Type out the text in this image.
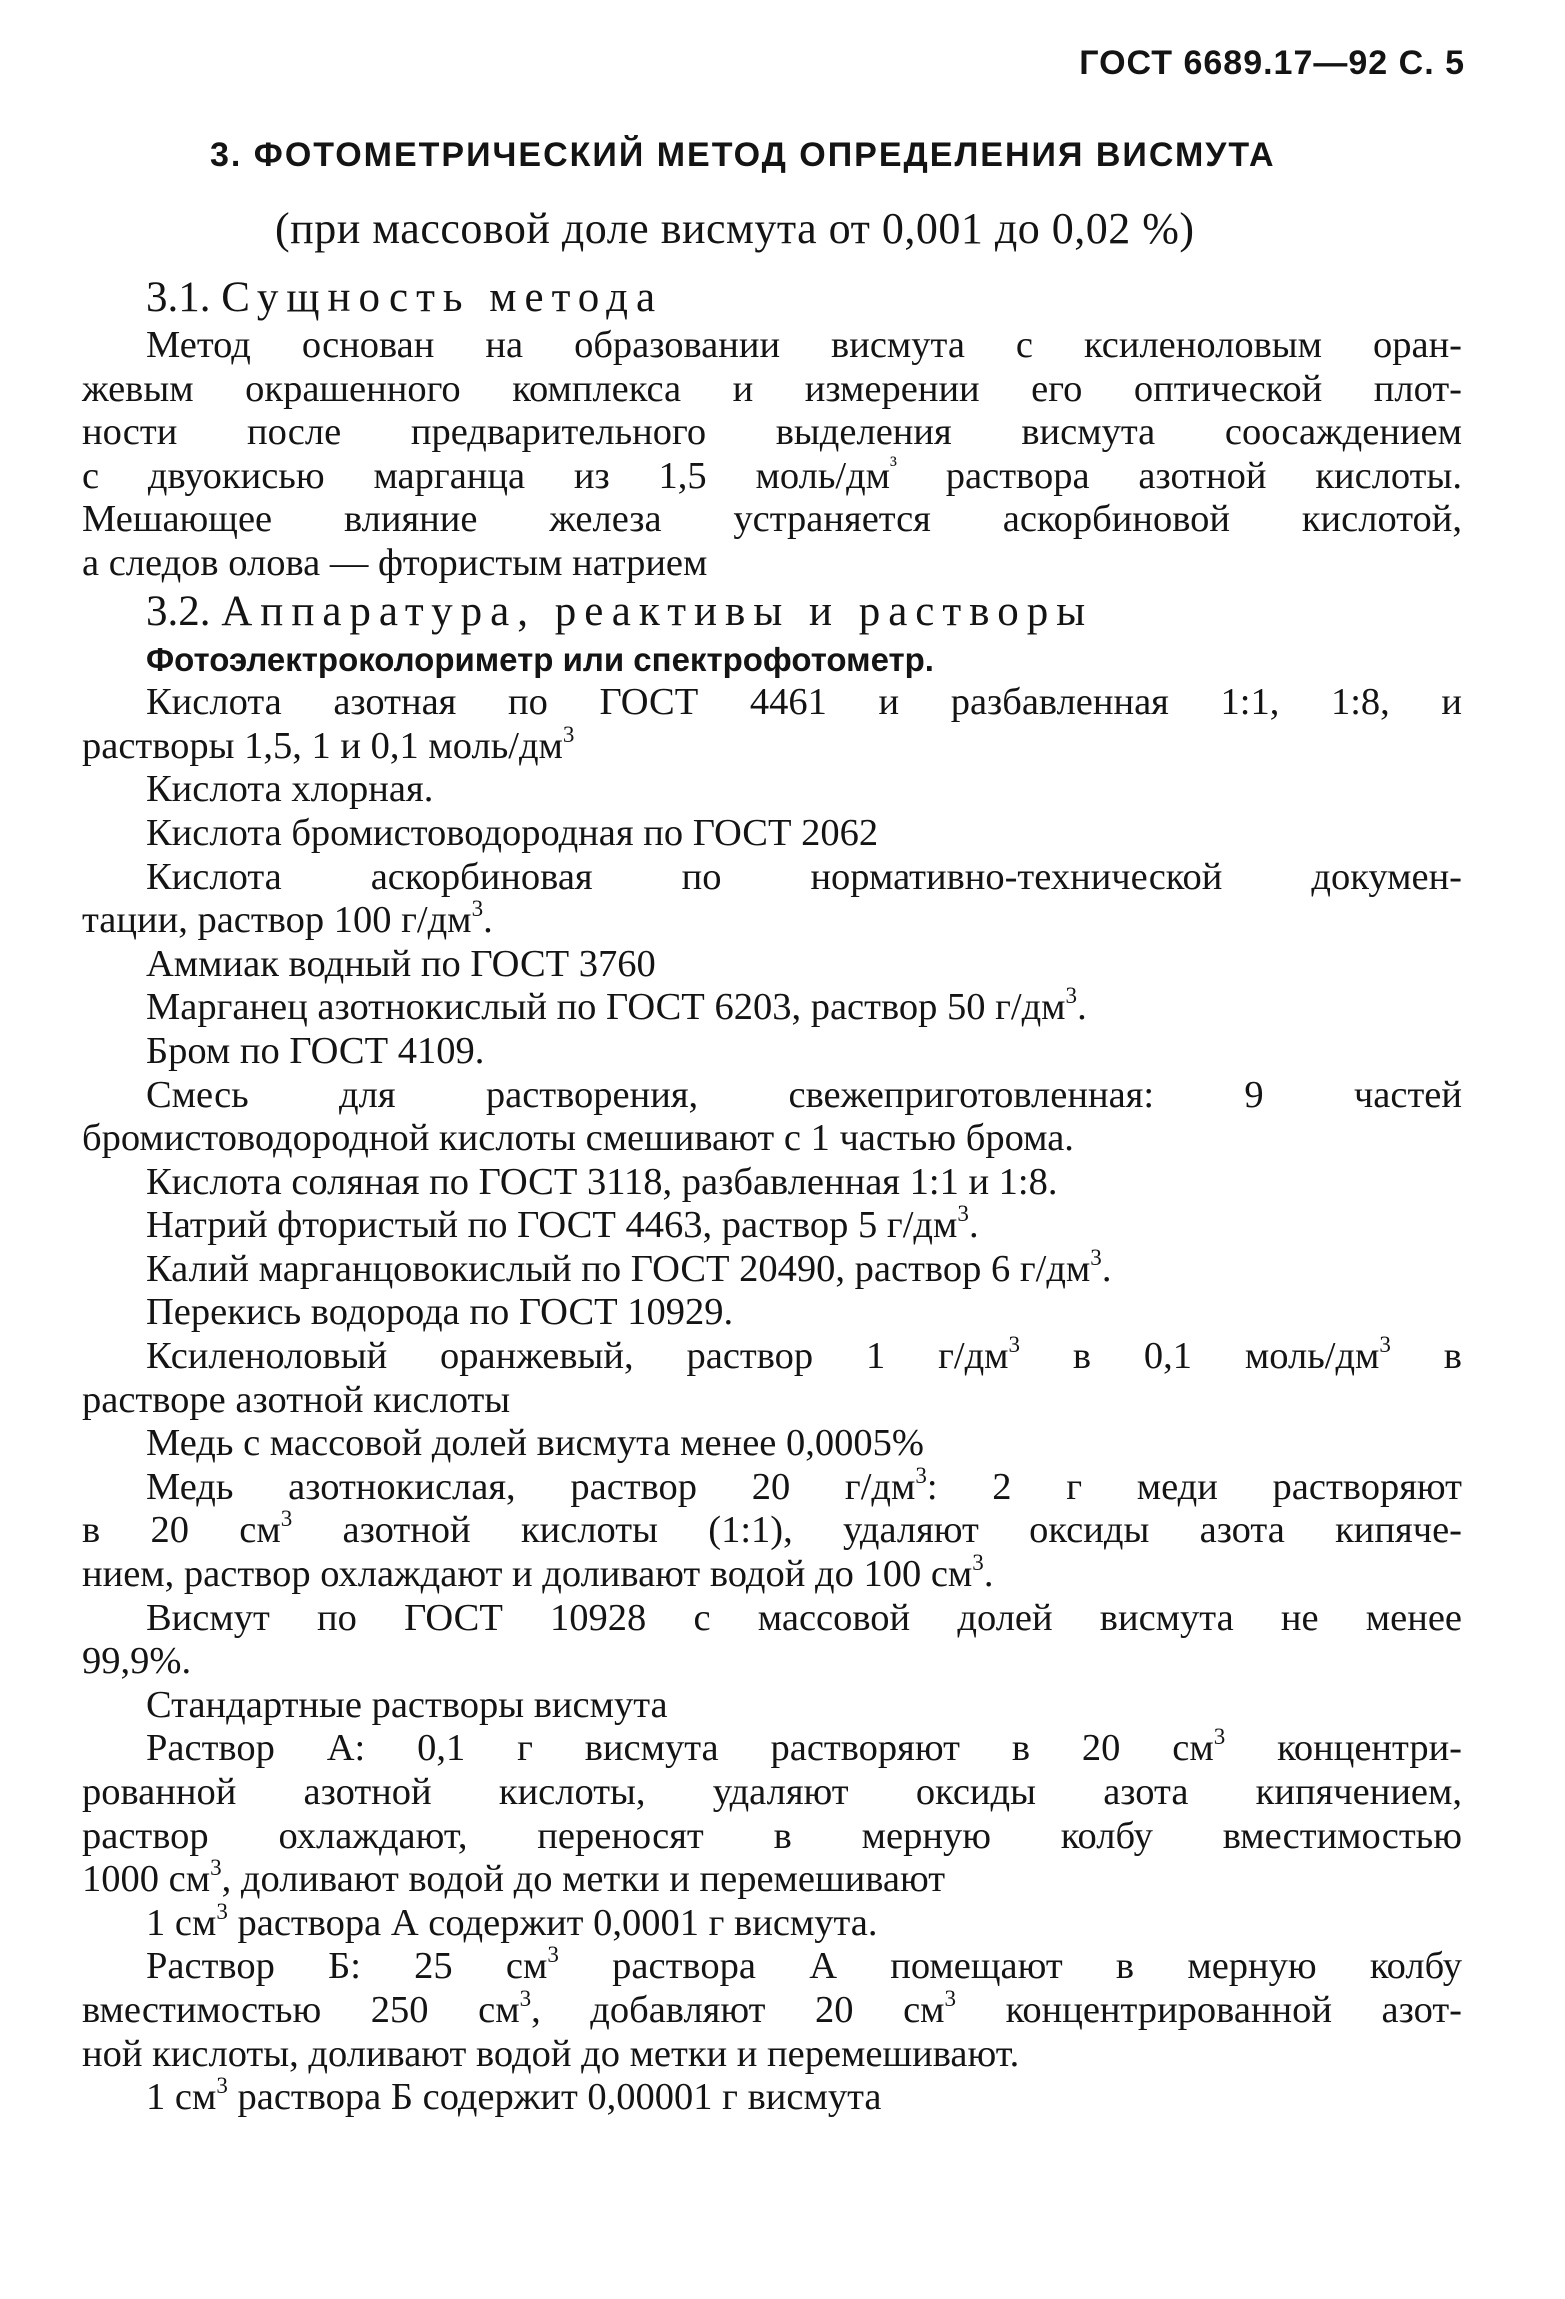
ГОСТ 6689.17—92 С. 5
3. ФОТОМЕТРИЧЕСКИЙ МЕТОД ОПРЕДЕЛЕНИЯ ВИСМУТА
(при массовой доле висмута от 0,001 до 0,02 %)

3.1. Сущность метода

Метод основан на образовании висмута с ксиленоловым оран-

жевым окрашенного комплекса и измерении его оптической плот-

ности после предварительного выделения висмута соосаждением

с двуокисью марганца из 1,5 моль/$дм^{^3}$ раствора азотной кислоты.

Мешающее влияние железа устраняется аскорбиновой кислотой,

а следов олова — фтористым натрием

3.2. Аппаратура, реактивы и растворы

Фотоэлектроколориметр или спектрофотометр.

Кислота азотная по ГОСТ 4461 и разбавленная 1:1, 1:8, и

растворы 1,5, 1 и 0,1 моль/$дм^3$

Кислота хлорная.

Кислота бромистоводородная по ГОСТ 2062

Кислота аскорбиновая по нормативно-технической докумен-

тации, раствор 100 $г/дм^3$.

Аммиак водный по ГОСТ 3760

Марганец азотнокислый по ГОСТ 6203, раствор 50 $г/дм^3$.

Бром по ГОСТ 4109.

Смесь для растворения, свежеприготовленная: 9 частей

бромистоводородной кислоты смешивают с 1 частью брома.

Кислота соляная по ГОСТ 3118, разбавленная 1:1 и 1:8.

Натрий фтористый по ГОСТ 4463, раствор 5 $г/дм^3$.

Калий марганцовокислый по ГОСТ 20490, раствор 6 $г/дм^3$.

Перекись водорода по ГОСТ 10929.

Ксиленоловый оранжевый, раствор 1 $г/дм^3$ в 0,1 моль/$дм^3$ в

растворе азотной кислоты

Медь с массовой долей висмута менее 0,0005%

Медь азотнокислая, раствор 20 $г/дм^3$: 2 г меди растворяют

в 20 $см^3$ азотной кислоты (1:1), удаляют оксиды азота кипяче-

нием, раствор охлаждают и доливают водой до 100 $см^3$.

Висмут по ГОСТ 10928 с массовой долей висмута не менее

99,9%.

Стандартные растворы висмута

Раствор А: 0,1 г висмута растворяют в 20 $см^3$ концентри-

рованной азотной кислоты, удаляют оксиды азота кипячением,

раствор охлаждают, переносят в мерную колбу вместимостью

1000 $см^3$, доливают водой до метки и перемешивают

1 $см^3$ раствора А содержит 0,0001 г висмута.

Раствор Б: 25 $см^3$ раствора А помещают в мерную колбу

вместимостью 250 $см^3$, добавляют 20 $см^3$ концентрированной азот-

ной кислоты, доливают водой до метки и перемешивают.

1 $см^3$ раствора Б содержит 0,00001 г висмута
